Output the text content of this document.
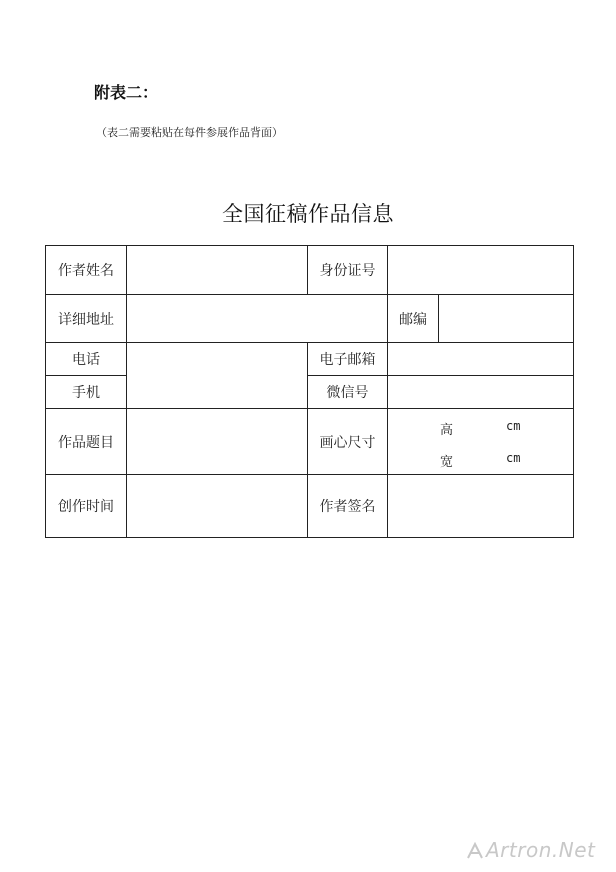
附表二：
（表二需要粘贴在每件参展作品背面）
全国征稿作品信息
作者姓名		身份证号		
详细地址			邮编	
电话		电子邮箱		
手机		微信号		
作品题目		画心尺寸	高 cm
宽 cm	

创作时间		作者签名		
Artron.Net
